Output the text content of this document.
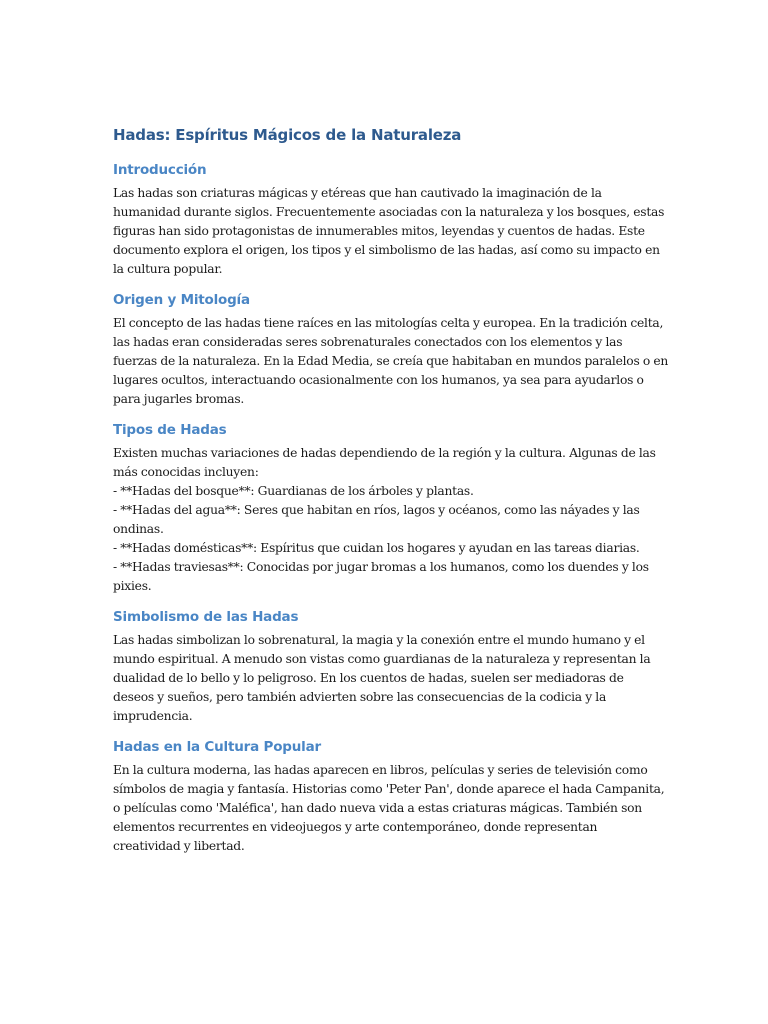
Hadas: Espíritus Mágicos de la Naturaleza
Introducción

Las hadas son criaturas mágicas y etéreas que han cautivado la imaginación de la
humanidad durante siglos. Frecuentemente asociadas con la naturaleza y los bosques, estas
figuras han sido protagonistas de innumerables mitos, leyendas y cuentos de hadas. Este
documento explora el origen, los tipos y el simbolismo de las hadas, así como su impacto en
la cultura popular.

Origen y Mitología

El concepto de las hadas tiene raíces en las mitologías celta y europea. En la tradición celta,
las hadas eran consideradas seres sobrenaturales conectados con los elementos y las
fuerzas de la naturaleza. En la Edad Media, se creía que habitaban en mundos paralelos o en
lugares ocultos, interactuando ocasionalmente con los humanos, ya sea para ayudarlos o
para jugarles bromas.

Tipos de Hadas

Existen muchas variaciones de hadas dependiendo de la región y la cultura. Algunas de las
más conocidas incluyen:
- **Hadas del bosque**: Guardianas de los árboles y plantas.
- **Hadas del agua**: Seres que habitan en ríos, lagos y océanos, como las náyades y las
ondinas.
- **Hadas domésticas**: Espíritus que cuidan los hogares y ayudan en las tareas diarias.
- **Hadas traviesas**: Conocidas por jugar bromas a los humanos, como los duendes y los
pixies.

Simbolismo de las Hadas

Las hadas simbolizan lo sobrenatural, la magia y la conexión entre el mundo humano y el
mundo espiritual. A menudo son vistas como guardianas de la naturaleza y representan la
dualidad de lo bello y lo peligroso. En los cuentos de hadas, suelen ser mediadoras de
deseos y sueños, pero también advierten sobre las consecuencias de la codicia y la
imprudencia.

Hadas en la Cultura Popular

En la cultura moderna, las hadas aparecen en libros, películas y series de televisión como
símbolos de magia y fantasía. Historias como 'Peter Pan', donde aparece el hada Campanita,
o películas como 'Maléfica', han dado nueva vida a estas criaturas mágicas. También son
elementos recurrentes en videojuegos y arte contemporáneo, donde representan
creatividad y libertad.
